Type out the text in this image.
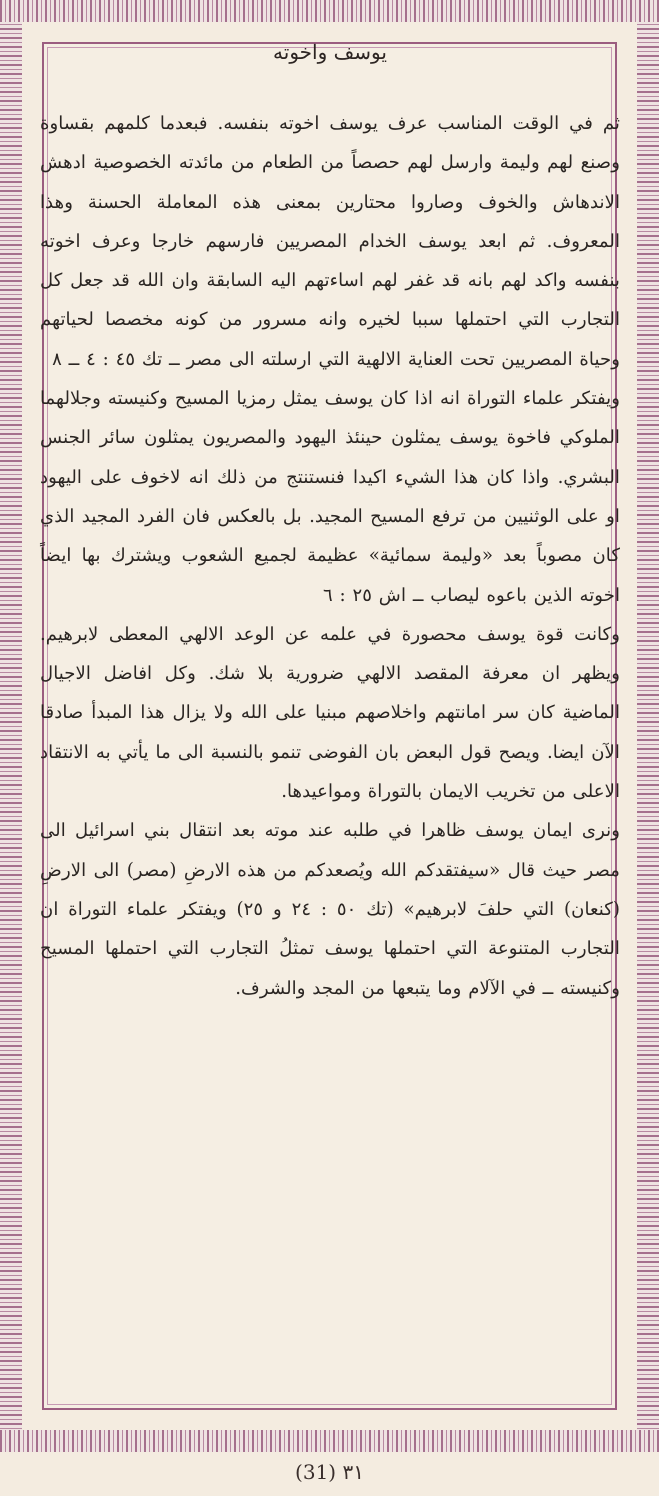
يوسف واخوته

ثم في الوقت المناسب عرف يوسف اخوته بنفسه. فبعدما كلمهم بقساوة وصنع لهم وليمة وارسل لهم حصصاً من الطعام من مائدته الخصوصية ادهش الاندهاش والخوف وصاروا محتارين بمعنى هذه المعاملة الحسنة وهذا المعروف. ثم ابعد يوسف الخدام المصريين فارسهم خارجا وعرف اخوته بنفسه واكد لهم بانه قد غفر لهم اساءتهم اليه السابقة وان الله قد جعل كل التجارب التي احتملها سببا لخيره وانه مسرور من كونه مخصصا لحياتهم وحياة المصريين تحت العناية الالهية التي ارسلته الى مصر ــ تك ٤٥ : ٤ ــ ٨

ويفتكر علماء التوراة انه اذا كان يوسف يمثل رمزيا المسيح وكنيسته وجلالهما الملوكي فاخوة يوسف يمثلون حينئذ اليهود والمصريون يمثلون سائر الجنس البشري. واذا كان هذا الشيء اكيدا فنستنتج من ذلك انه لاخوف على اليهود او على الوثنيين من ترفع المسيح المجيد. بل بالعكس فان الفرد المجيد الذي كان مصوباً بعد «وليمة سمائية» عظيمة لجميع الشعوب ويشترك بها ايضاً اخوته الذين باعوه ليصاب ــ اش ٢٥ : ٦

وكانت قوة يوسف محصورة في علمه عن الوعد الالهي المعطى لابرهيم. ويظهر ان معرفة المقصد الالهي ضرورية بلا شك. وكل افاضل الاجيال الماضية كان سر امانتهم واخلاصهم مبنيا على الله ولا يزال هذا المبدأ صادقا الآن ايضا. ويصح قول البعض بان الفوضى تنمو بالنسبة الى ما يأتي به الانتقاد الاعلى من تخريب الايمان بالتوراة ومواعيدها.

ونرى ايمان يوسف ظاهرا في طلبه عند موته بعد انتقال بني اسرائيل الى مصر حيث قال «سيفتقدكم الله ويُصعدكم من هذه الارضِ (مصر) الى الارضِ (كنعان) التي حلفَ لابرهيم» (تك ٥٠ : ٢٤ و ٢٥) ويفتكر علماء التوراة ان التجارب المتنوعة التي احتملها يوسف تمثلُ التجارب التي احتملها المسيح وكنيسته ــ في الآلام وما يتبعها من المجد والشرف.

(31) ٣١
